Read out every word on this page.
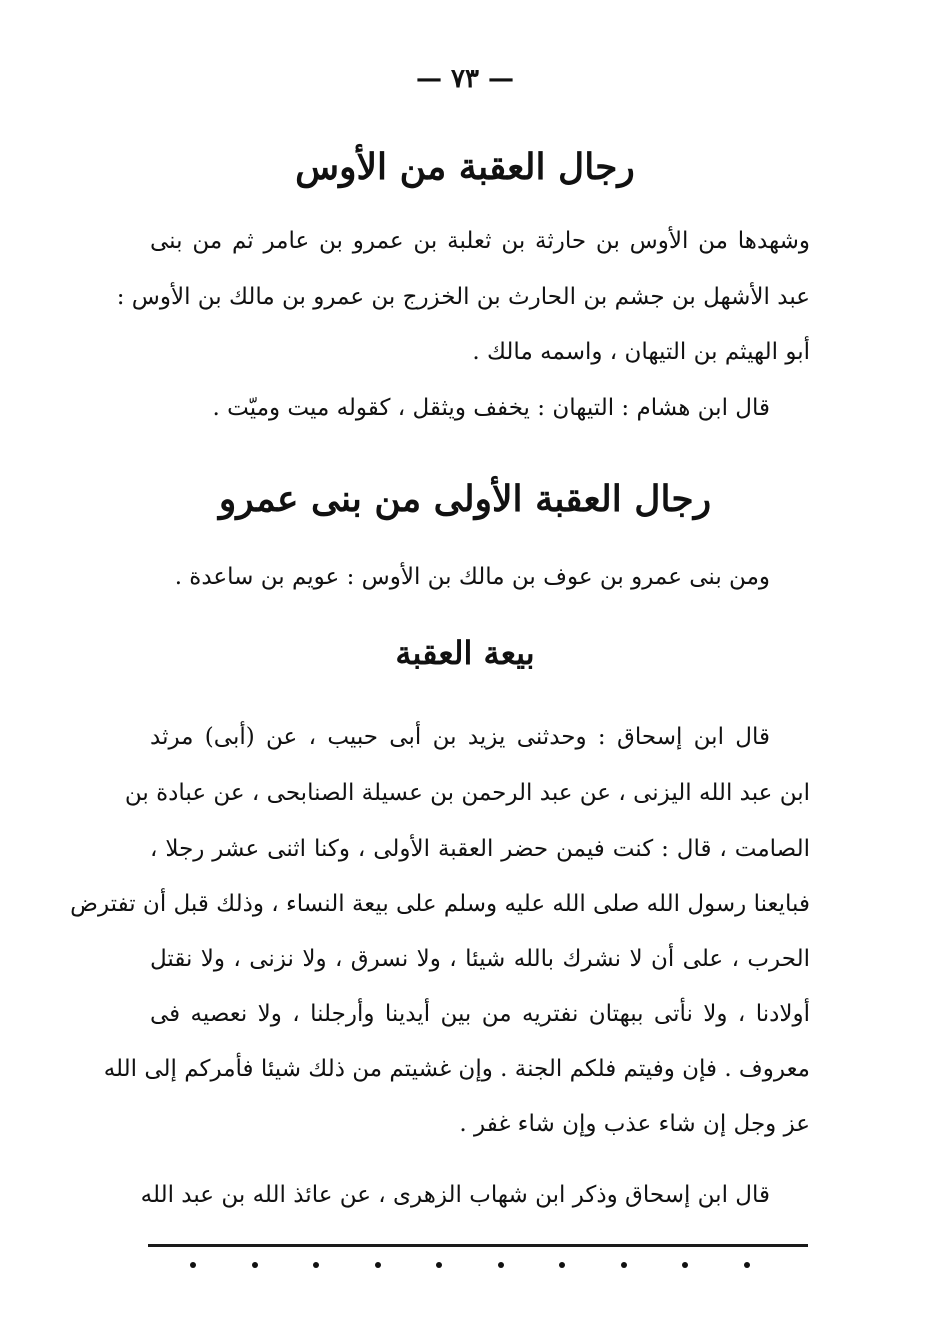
— ٧٣ —
رجال العقبة من الأوس
وشهدها من الأوس بن حارثة بن ثعلبة بن عمرو بن عامر ثم من بنى
عبد الأشهل بن جشم بن الحارث بن الخزرج بن عمرو بن مالك بن الأوس :
أبو الهيثم بن التيهان ، واسمه مالك .
قال ابن هشام : التيهان : يخفف ويثقل ، كقوله ميت وميّت .
رجال العقبة الأولى من بنى عمرو
ومن بنى عمرو بن عوف بن مالك بن الأوس : عويم بن ساعدة .
بيعة العقبة
قال ابن إسحاق : وحدثنى يزيد بن أبى حبيب ، عن (أبى) مرثد
ابن عبد الله اليزنى ، عن عبد الرحمن بن عسيلة الصنابحى ، عن عبادة بن
الصامت ، قال : كنت فيمن حضر العقبة الأولى ، وكنا اثنى عشر رجلا ،
فبايعنا رسول الله صلى الله عليه وسلم على بيعة النساء ، وذلك قبل أن تفترض
الحرب ، على أن لا نشرك بالله شيئا ، ولا نسرق ، ولا نزنى ، ولا نقتل
أولادنا ، ولا نأتى ببهتان نفتريه من بين أيدينا وأرجلنا ، ولا نعصيه فى
معروف . فإن وفيتم فلكم الجنة . وإن غشيتم من ذلك شيئا فأمركم إلى الله
عز وجل إن شاء عذب وإن شاء غفر .
قال ابن إسحاق وذكر ابن شهاب الزهرى ، عن عائذ الله بن عبد الله
